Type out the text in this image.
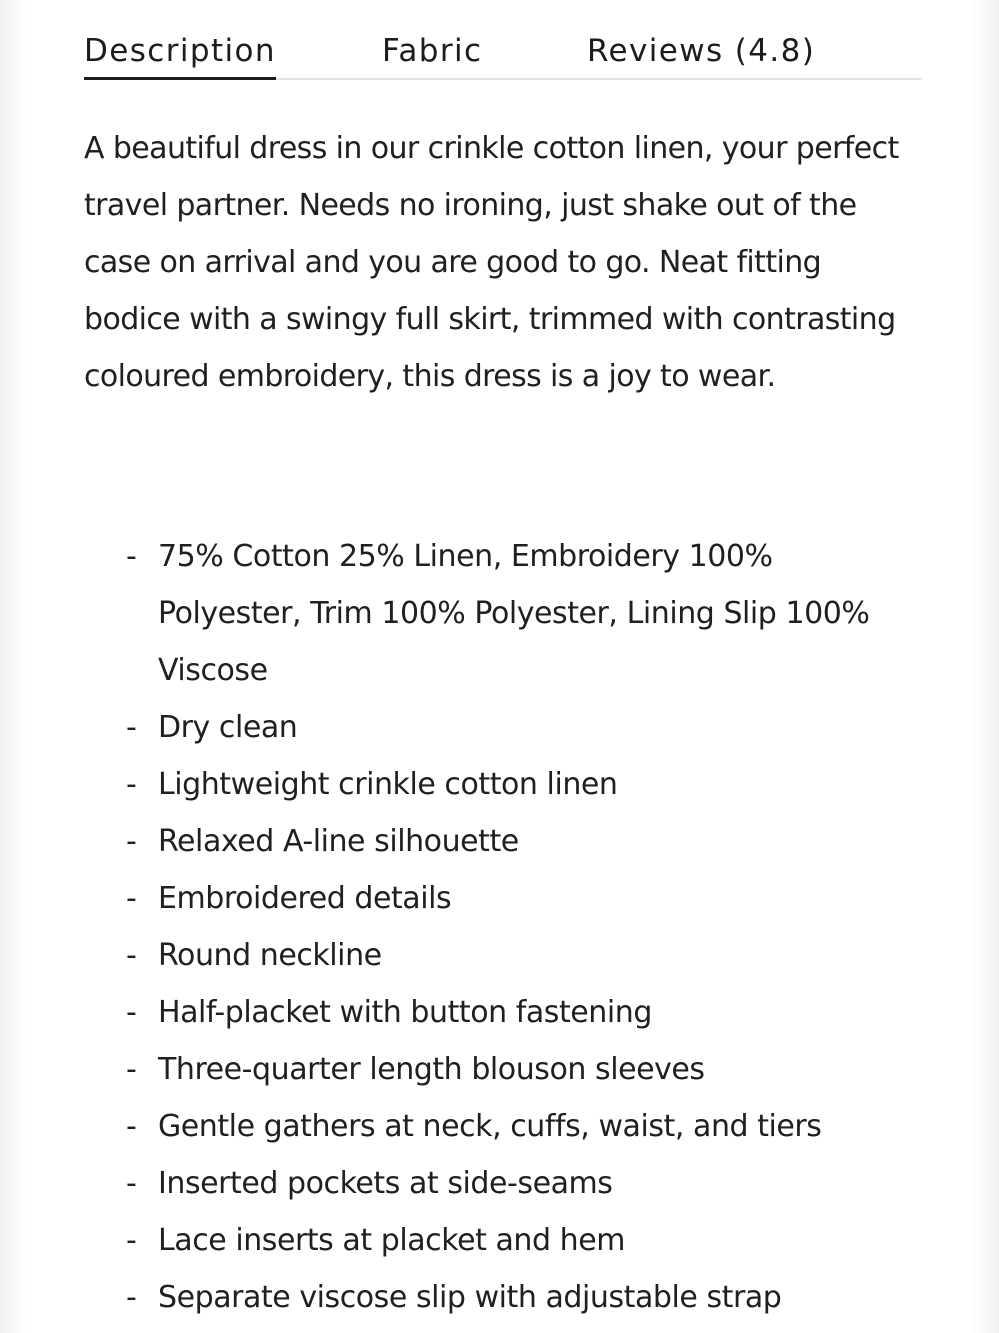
Description	Fabric	Reviews (4.8)

A beautiful dress in our crinkle cotton linen, your perfect travel partner. Needs no ironing, just shake out of the case on arrival and you are good to go. Neat fitting bodice with a swingy full skirt, trimmed with contrasting coloured embroidery, this dress is a joy to wear.

- 75% Cotton 25% Linen, Embroidery 100% Polyester, Trim 100% Polyester, Lining Slip 100% Viscose
- Dry clean
- Lightweight crinkle cotton linen
- Relaxed A-line silhouette
- Embroidered details
- Round neckline
- Half-placket with button fastening
- Three-quarter length blouson sleeves
- Gentle gathers at neck, cuffs, waist, and tiers
- Inserted pockets at side-seams
- Lace inserts at placket and hem
- Separate viscose slip with adjustable strap
